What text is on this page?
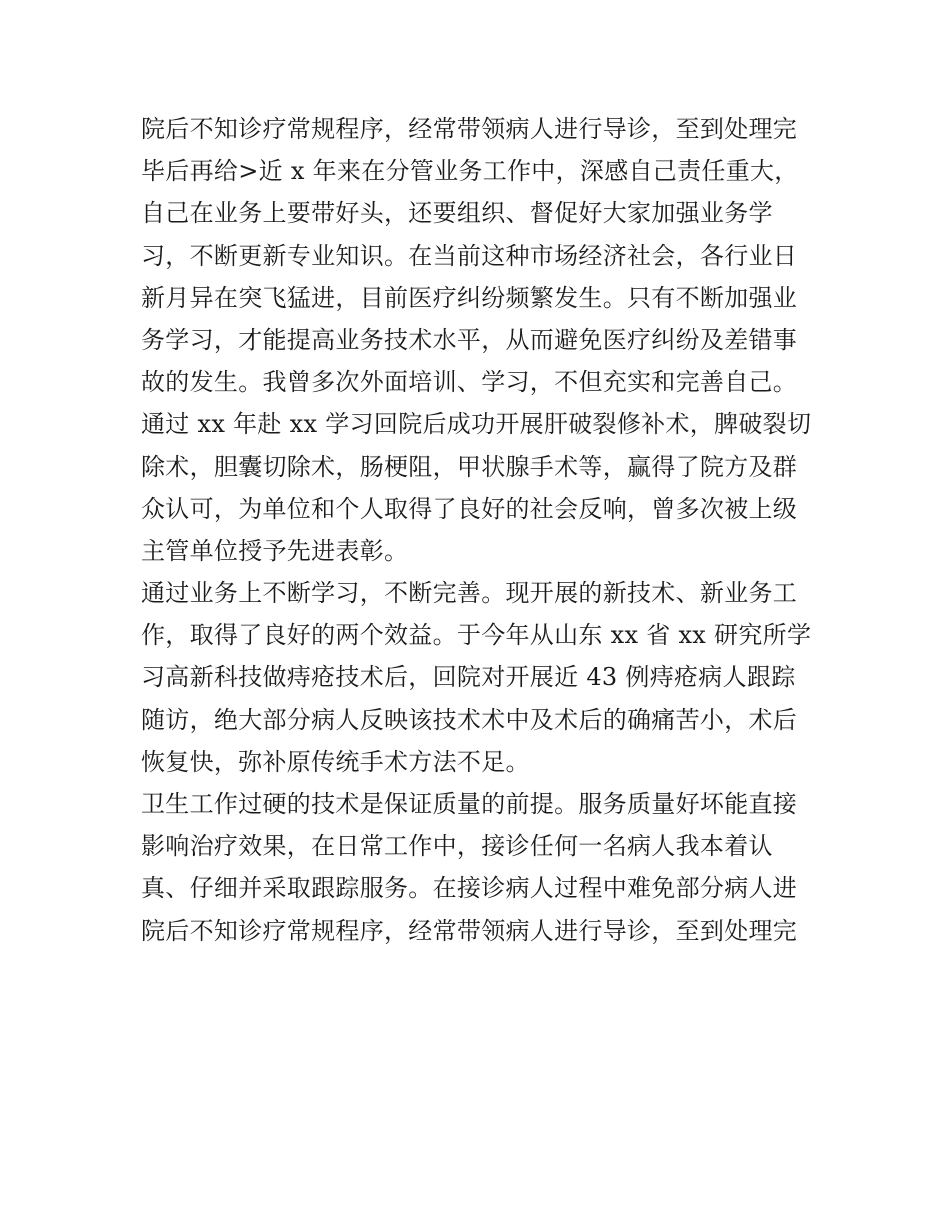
院后不知诊疗常规程序，经常带领病人进行导诊，至到处理完
毕后再给>近 x 年来在分管业务工作中，深感自己责任重大，
自己在业务上要带好头，还要组织、督促好大家加强业务学
习，不断更新专业知识。在当前这种市场经济社会，各行业日
新月异在突飞猛进，目前医疗纠纷频繁发生。只有不断加强业
务学习，才能提高业务技术水平，从而避免医疗纠纷及差错事
故的发生。我曾多次外面培训、学习，不但充实和完善自己。
通过 xx 年赴 xx 学习回院后成功开展肝破裂修补术，脾破裂切
除术，胆囊切除术，肠梗阻，甲状腺手术等，赢得了院方及群
众认可，为单位和个人取得了良好的社会反响，曾多次被上级
主管单位授予先进表彰。
通过业务上不断学习，不断完善。现开展的新技术、新业务工
作，取得了良好的两个效益。于今年从山东 xx 省 xx 研究所学
习高新科技做痔疮技术后，回院对开展近 43 例痔疮病人跟踪
随访，绝大部分病人反映该技术术中及术后的确痛苦小，术后
恢复快，弥补原传统手术方法不足。
卫生工作过硬的技术是保证质量的前提。服务质量好坏能直接
影响治疗效果，在日常工作中，接诊任何一名病人我本着认
真、仔细并采取跟踪服务。在接诊病人过程中难免部分病人进
院后不知诊疗常规程序，经常带领病人进行导诊，至到处理完
